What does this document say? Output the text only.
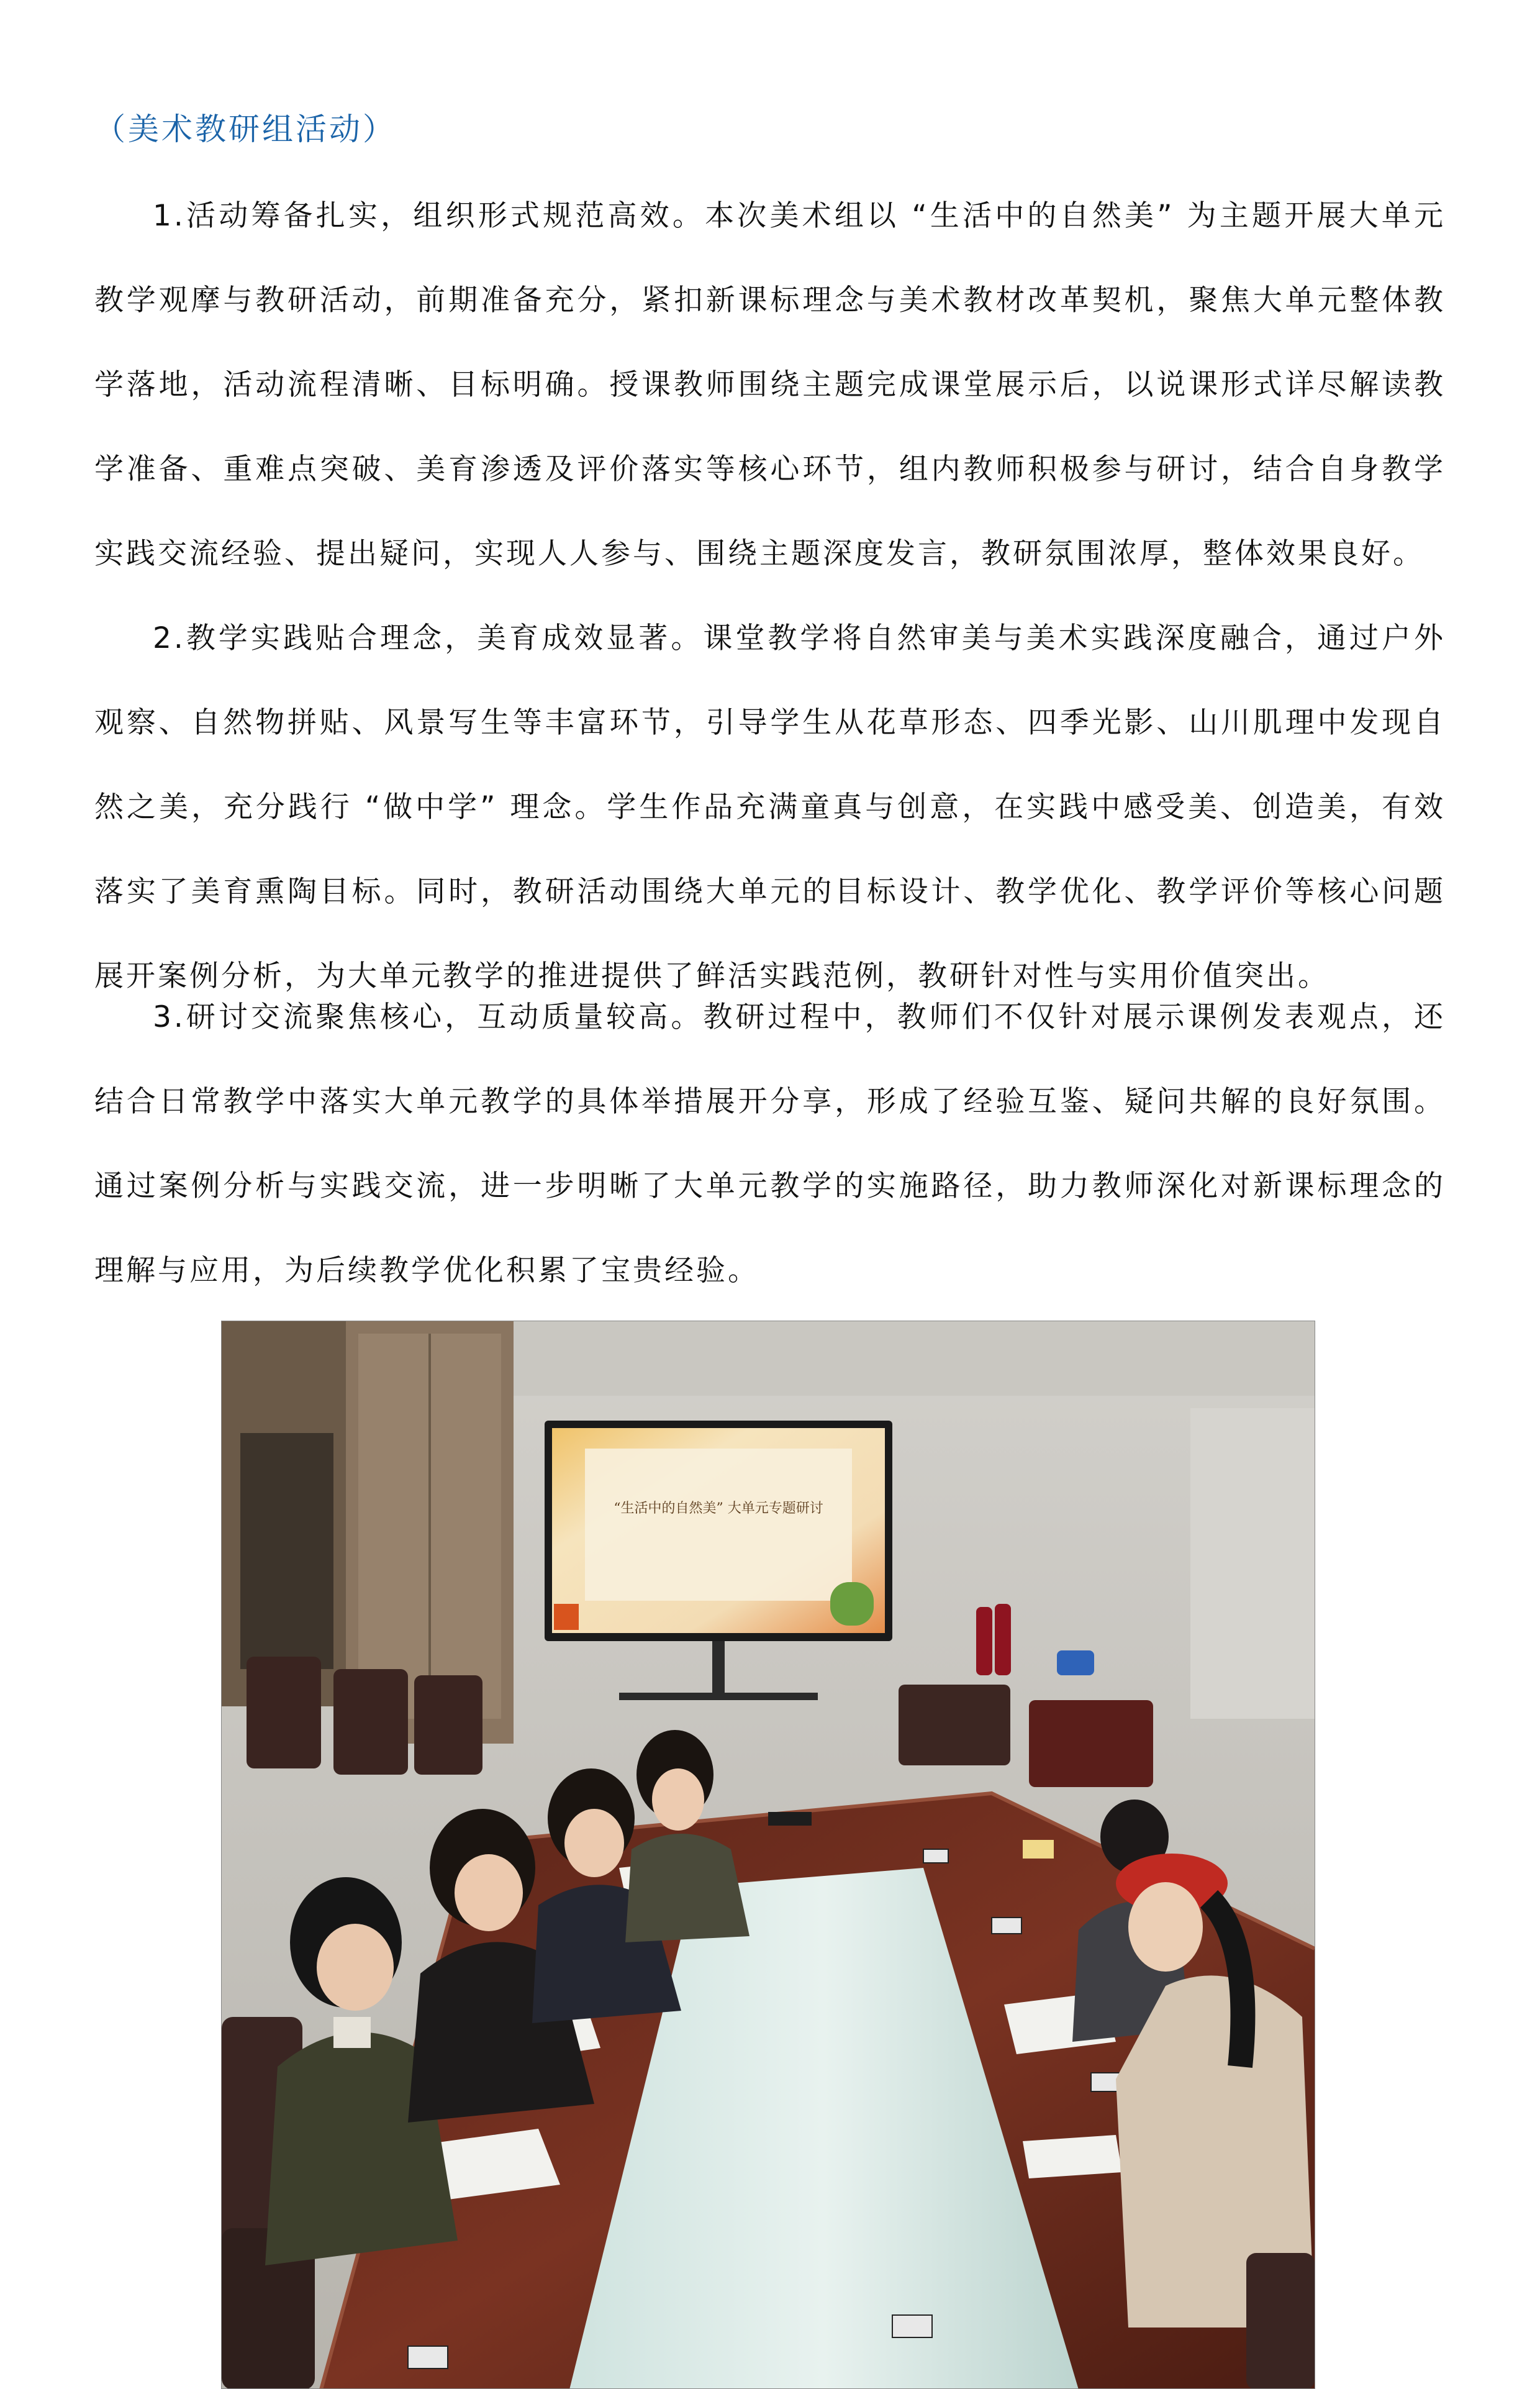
（美术教研组活动）

1.活动筹备扎实，组织形式规范高效。本次美术组以 “生活中的自然美” 为主题开展大单元教学观摩与教研活动，前期准备充分，紧扣新课标理念与美术教材改革契机，聚焦大单元整体教学落地，活动流程清晰、目标明确。授课教师围绕主题完成课堂展示后，以说课形式详尽解读教学准备、重难点突破、美育渗透及评价落实等核心环节，组内教师积极参与研讨，结合自身教学实践交流经验、提出疑问，实现人人参与、围绕主题深度发言，教研氛围浓厚，整体效果良好。

2.教学实践贴合理念，美育成效显著。课堂教学将自然审美与美术实践深度融合，通过户外观察、自然物拼贴、风景写生等丰富环节，引导学生从花草形态、四季光影、山川肌理中发现自然之美，充分践行 “做中学” 理念。学生作品充满童真与创意，在实践中感受美、创造美，有效落实了美育熏陶目标。同时，教研活动围绕大单元的目标设计、教学优化、教学评价等核心问题展开案例分析，为大单元教学的推进提供了鲜活实践范例，教研针对性与实用价值突出。

3.研讨交流聚焦核心，互动质量较高。教研过程中，教师们不仅针对展示课例发表观点，还结合日常教学中落实大单元教学的具体举措展开分享，形成了经验互鉴、疑问共解的良好氛围。通过案例分析与实践交流，进一步明晰了大单元教学的实施路径，助力教师深化对新课标理念的理解与应用，为后续教学优化积累了宝贵经验。

“生活中的自然美” 大单元专题研讨
